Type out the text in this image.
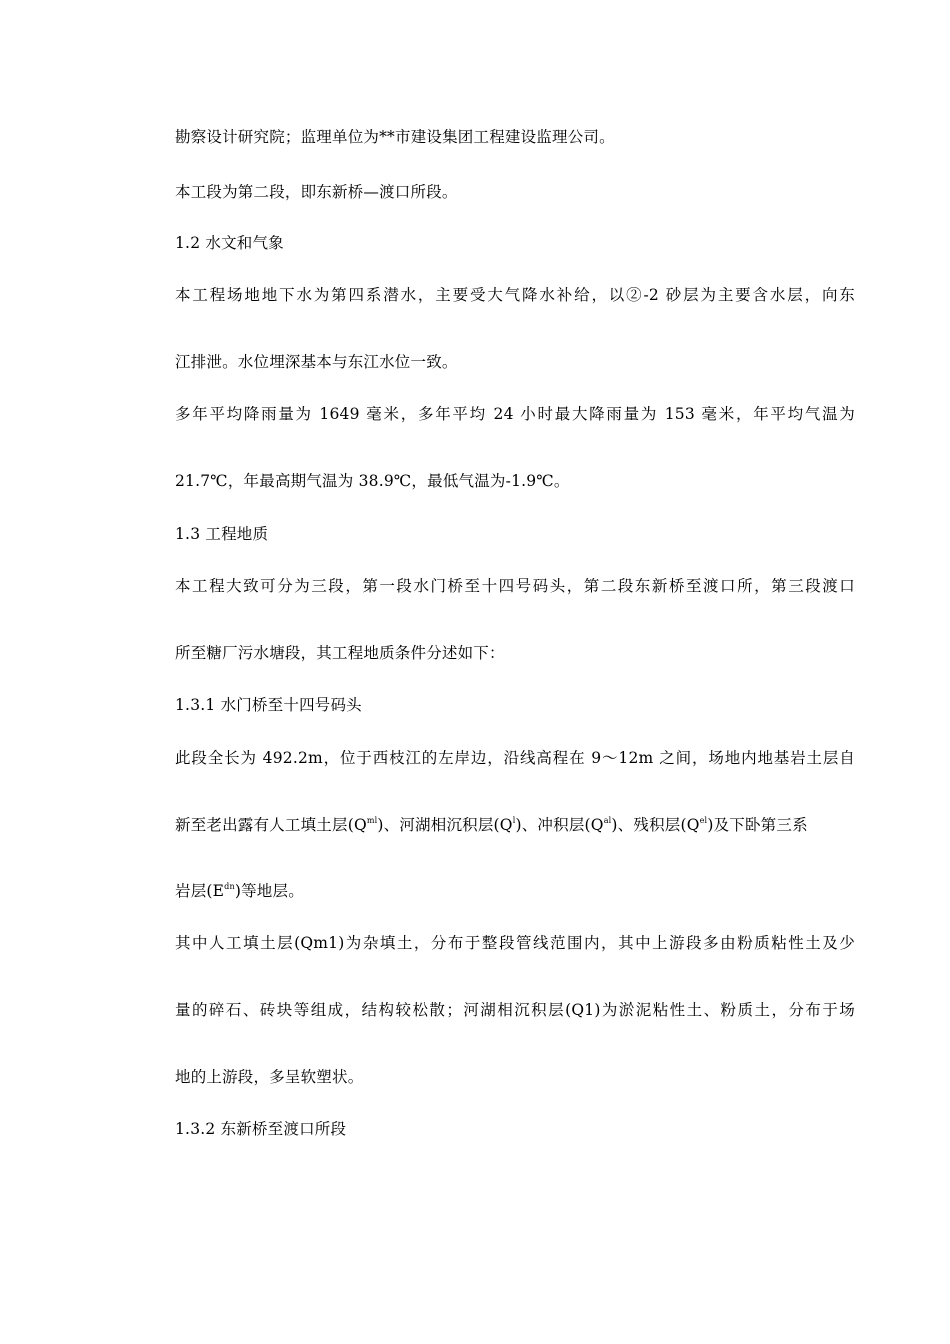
勘察设计研究院；监理单位为**市建设集团工程建设监理公司。
本工段为第二段，即东新桥—渡口所段。
1.2 水文和气象
本工程场地地下水为第四系潜水，主要受大气降水补给，以②-2 砂层为主要含水层，向东
江排泄。水位埋深基本与东江水位一致。
多年平均降雨量为 1649 毫米，多年平均 24 小时最大降雨量为 153 毫米，年平均气温为
21.7℃，年最高期气温为 38.9℃，最低气温为-1.9℃。
1.3 工程地质
本工程大致可分为三段，第一段水门桥至十四号码头，第二段东新桥至渡口所，第三段渡口
所至糖厂污水塘段，其工程地质条件分述如下：
1.3.1 水门桥至十四号码头
此段全长为 492.2m，位于西枝江的左岸边，沿线高程在 9～12m 之间，场地内地基岩土层自
新至老出露有人工填土层$(Q^{ml})$、河湖相沉积层$(Q^l)$、冲积层$(Q^{al})$、残积层$(Q^{el})$及下卧第三系
岩层$(E^{dn})$等地层。
其中人工填土层(Qm1)为杂填土，分布于整段管线范围内，其中上游段多由粉质粘性土及少
量的碎石、砖块等组成，结构较松散；河湖相沉积层(Q1)为淤泥粘性土、粉质土，分布于场
地的上游段，多呈软塑状。
1.3.2 东新桥至渡口所段
